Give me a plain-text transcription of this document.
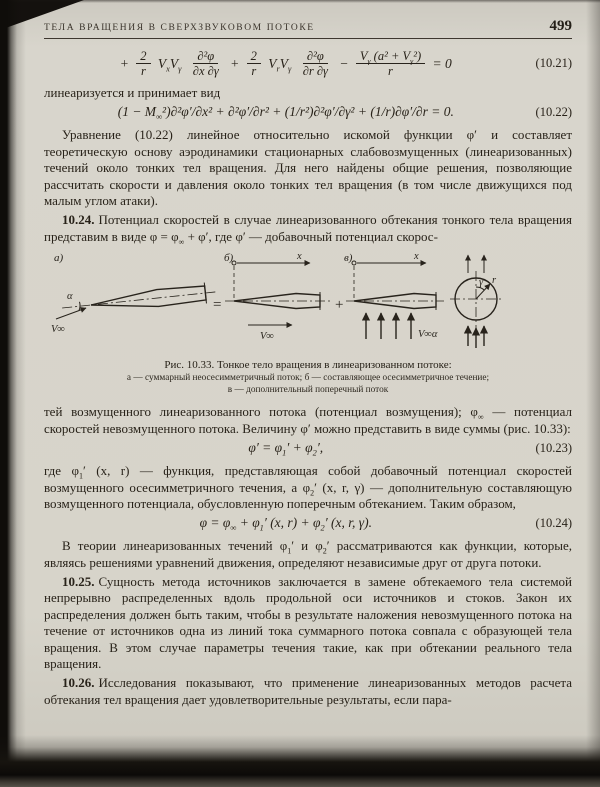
ТЕЛА ВРАЩЕНИЯ В СВЕРХЗВУКОВОМ ПОТОКЕ	499
+ $\frac{2}{r} V_xV_\gamma \frac{\text{∂²φ}}{\partial x \partial\gamma} + \frac{2}{r} V_rV_\gamma \frac{\text{∂²φ}}{\partial r \partial\gamma} - \frac{V_\gamma (a^2 + V_\gamma^2)}{r} = 0$	(10.21)

линеаризуется и принимает вид

$(1 - M_\infty^2)\partial^2\varphi'/\partial x^2 + \partial^2\varphi'/\partial r^2 + (1/r^2)\partial^2\varphi'/\partial\gamma^2 + (1/r)\partial\varphi'/\partial r = 0$.	(10.22)

Уравнение (10.22) линейное относительно искомой функции φ′ и составляет теоретическую основу аэродинамики стационарных слабовозмущенных (линеаризованных) течений около тонких тел вращения. Для него найдены общие решения, позволяющие рассчитать скорости и давления около тонких тел вращения (в том числе движущихся под малым углом атаки).

10.24. Потенциал скоростей в случае линеаризованного обтекания тонкого тела вращения представим в виде $\varphi = \varphi_\infty + \varphi'$, где φ′ — добавочный потенциал скорос-

а)
α
V∞
=
б)	x
V∞
+
в)	x
V∞α
r
γ
Рис. 10.33. Тонкое тело вращения в линеаризованном потоке:
а — суммарный неосесимметричный поток; б — составляющее осесимметричное течение;
в — дополнительный поперечный поток

тей возмущенного линеаризованного потока (потенциал возмущения); $\varphi_\infty$ — потенциал скоростей невозмущенного потока. Величину φ′ можно представить в виде суммы (рис. 10.33):

$\varphi' = \varphi_1' + \varphi_2'$,	(10.23)

где $\varphi_1'$ (x, r) — функция, представляющая собой добавочный потенциал скоростей возмущенного осесимметричного течения, а $\varphi_2'$ (x, r, γ) — дополнительную составляющую возмущенного потенциала, обусловленную поперечным обтеканием. Таким образом,

$\varphi = \varphi_\infty + \varphi_1'$ (x, $r) + \varphi_2'$ (x, r, γ).	(10.24)

В теории линеаризованных течений $\varphi_1'$ и $\varphi_2'$ рассматриваются как функции, которые, являясь решениями уравнений движения, определяют независимые друг от друга потоки.

10.25. Сущность метода источников заключается в замене обтекаемого тела системой непрерывно распределенных вдоль продольной оси источников и стоков. Закон их распределения должен быть таким, чтобы в результате наложения невозмущенного потока на течение от источников одна из линий тока суммарного потока совпала с образующей тела вращения. В этом случае параметры течения такие, как при обтекании реального тела вращения.

10.26. Исследования показывают, что применение линеаризованных методов расчета обтекания тел вращения дает удовлетворительные результаты, если пара-
